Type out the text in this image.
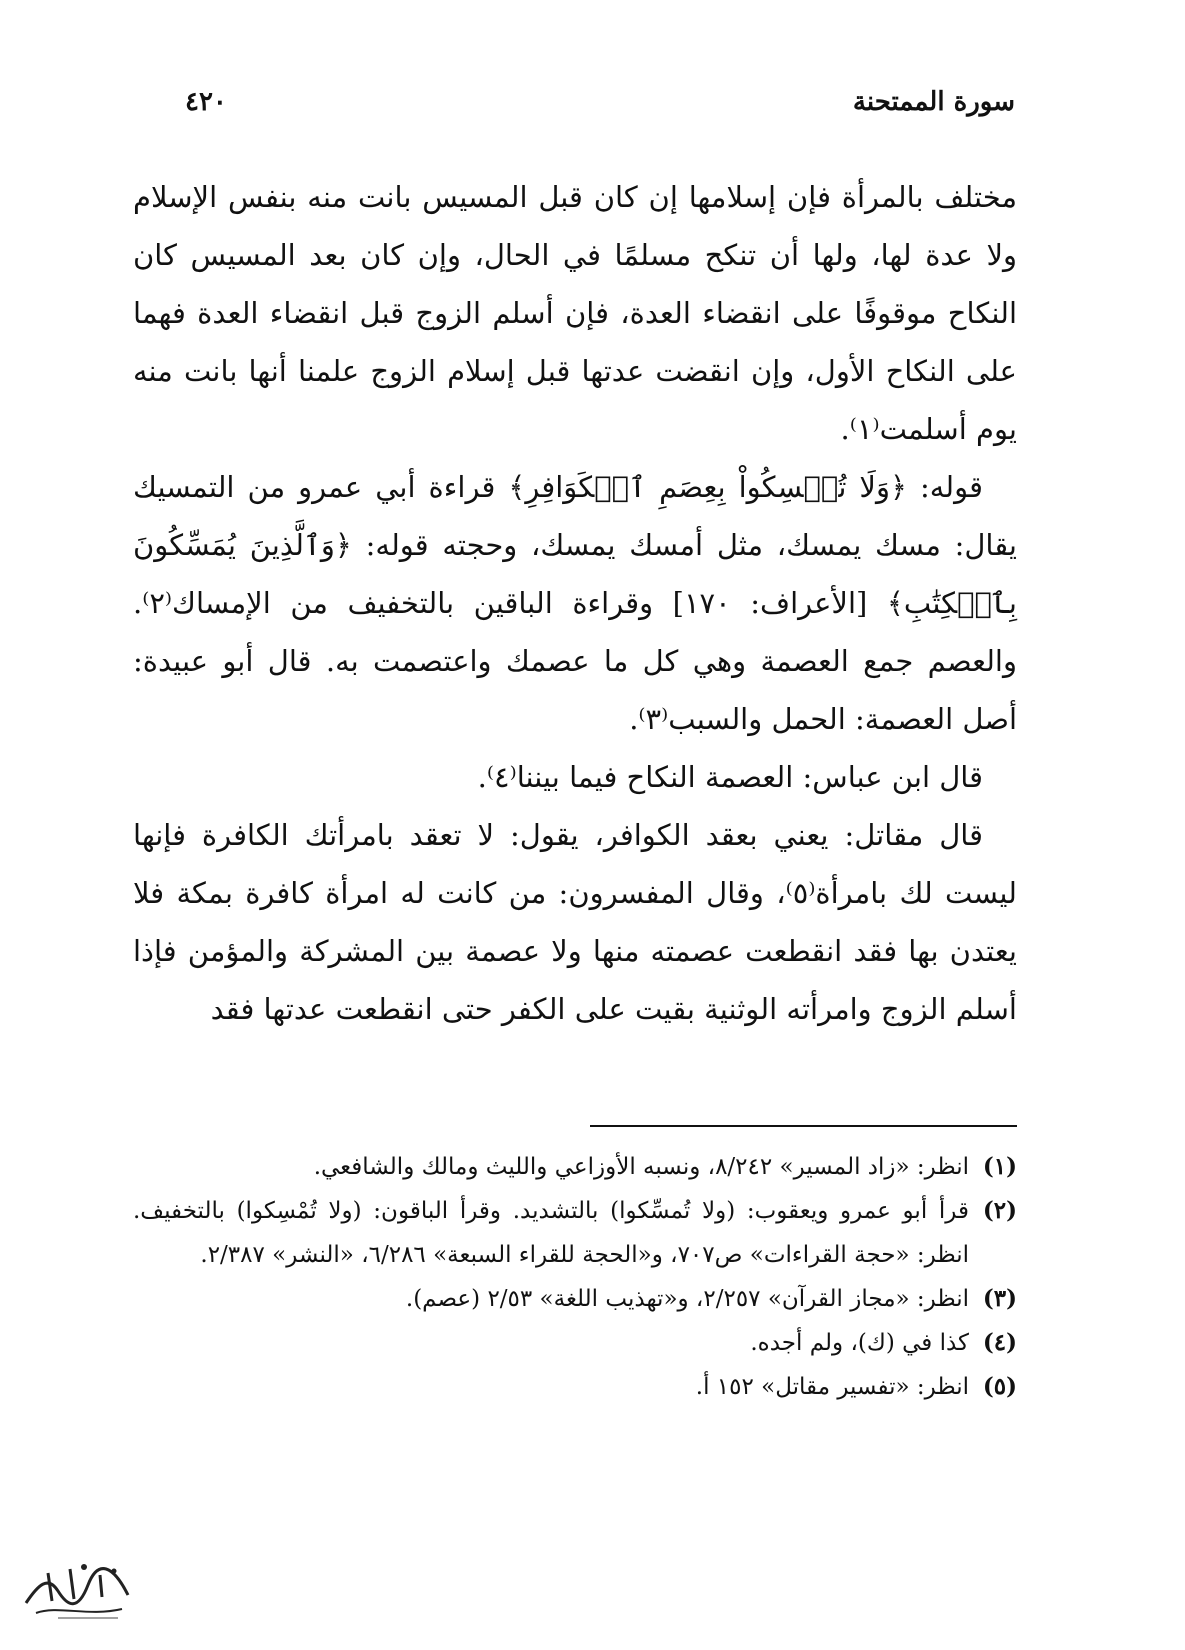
سورة الممتحنة
٤٢٠

مختلف بالمرأة فإن إسلامها إن كان قبل المسيس بانت منه بنفس الإسلام ولا عدة لها، ولها أن تنكح مسلمًا في الحال، وإن كان بعد المسيس كان النكاح موقوفًا على انقضاء العدة، فإن أسلم الزوج قبل انقضاء العدة فهما على النكاح الأول، وإن انقضت عدتها قبل إسلام الزوج علمنا أنها بانت منه يوم أسلمت⁽١⁾.

قوله: ﴿وَلَا تُمۡسِكُواْ بِعِصَمِ ٱلۡكَوَافِرِ﴾ قراءة أبي عمرو من التمسيك يقال: مسك يمسك، مثل أمسك يمسك، وحجته قوله: ﴿وَٱلَّذِينَ يُمَسِّكُونَ بِٱلۡكِتَٰبِ﴾ [الأعراف: ١٧٠] وقراءة الباقين بالتخفيف من الإمساك⁽٢⁾. والعصم جمع العصمة وهي كل ما عصمك واعتصمت به. قال أبو عبيدة: أصل العصمة: الحمل والسبب⁽٣⁾.

قال ابن عباس: العصمة النكاح فيما بيننا⁽٤⁾.

قال مقاتل: يعني بعقد الكوافر، يقول: لا تعقد بامرأتك الكافرة فإنها ليست لك بامرأة⁽٥⁾، وقال المفسرون: من كانت له امرأة كافرة بمكة فلا يعتدن بها فقد انقطعت عصمته منها ولا عصمة بين المشركة والمؤمن فإذا أسلم الزوج وامرأته الوثنية بقيت على الكفر حتى انقطعت عدتها فقد

(١)
انظر: «زاد المسير» ٨/٢٤٢، ونسبه الأوزاعي والليث ومالك والشافعي.
(٢)
قرأ أبو عمرو ويعقوب: (ولا تُمسِّكوا) بالتشديد. وقرأ الباقون: (ولا تُمْسِكوا) بالتخفيف. انظر: «حجة القراءات» ص٧٠٧، و«الحجة للقراء السبعة» ٦/٢٨٦، «النشر» ٢/٣٨٧.
(٣)
انظر: «مجاز القرآن» ٢/٢٥٧، و«تهذيب اللغة» ٢/٥٣ (عصم).
(٤)
كذا في (ك)، ولم أجده.
(٥)
انظر: «تفسير مقاتل» ١٥٢ أ.
